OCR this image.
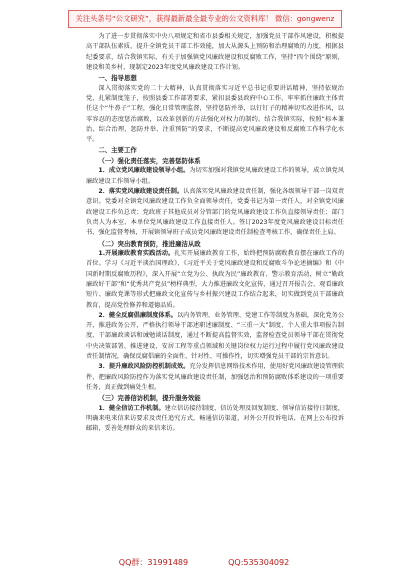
关注头条号“公文研究”，获得最新最全最专业的公文资料库！ 微信：gongwenz

为了进一步贯彻落实中央八项规定和省市县委相关规定，加强党员干部作风建设，积极提高干部队伍素质，提升全镇党员干部工作效能，加大从源头上预防和治理腐败的力度，根据县纪委要求，结合我镇实际，有关于加强镇党风廉政建设和反腐败工作，坚持“四个围绕”原则，建设和美乡村，现制定2023年度党风廉政建设工作计划。

一、指导思想

深入贯彻落实党的二十大精神，认真贯彻落实习近平总书记重要讲话精神，坚持依规治党，扎紧制度笼子，按照县委工作部署要求，紧扣县委县政府中心工作，牢牢抓住廉政主体责任这个“牛鼻子”工程，强化日常管理监督，坚持惩防并举，以钉钉子的精神切实改进作风，以零容忍的态度惩治腐败，以改革创新的方法强化对权力的制约。结合我镇实际，按照“标本兼治、综合治理、惩防并举、注重预防”的要求，不断提高党风廉政建设和反腐败工作科学化水平。

二、主要工作
（一）强化责任落实，完善惩防体系

1．成立党风廉政建设领导小组。为切实加强对我镇党风廉政建设工作的领导，成立镇党风廉政建设工作领导小组。

2．落实党风廉政建设责任制。认真落实党风廉政建设责任制，强化各级领导干部一岗双责意识。党委对全镇党风廉政建设工作负全面领导责任，党委书记为第一责任人，对全镇党风廉政建设工作负总责；党政班子其他成员对分管部门的党风廉政建设工作负直接领导责任；部门负责人为本室、本单位党风廉政建设工作直接责任人。签订2023年度党风廉政建设目标责任书，强化监督考核，开展镇领导班子成员党风廉政建设责任制检查考核工作，确保责任上肩。

（二）突出教育预防，推进廉洁从政

1.开展廉政教育实践活动。扎实开展廉政教育工作，始终把预防腐败教育摆在廉政工作的首位。学习《习近平谈治国理政》、《习近平关于党风廉政建设和反腐败斗争论述摘编》和《中国新时期反腐败历程》，深入开展“立党为公、执政为民”廉政教育、警示教育活动，树立“勤政廉政好干部”和“优秀共产党员”榜样典型，大力推进廉政文化宣传，通过召开报告会、观看廉政短片、廉政党课等形式把廉政文化宣传与乡村振兴建设工作结合起来，切实做到党员干部廉政教育，提高党性修养和道德品质。

2．健全反腐倡廉制度体系。以内务管理、业务管理、党建工作等制度为基础，深化党务公开，推进政务公开，严格执行领导干部述职述廉制度、“三重一大”制度、个人重大事项报告制度、干部廉政谈话和诫勉谈话制度，通过不断提高监督实效，监督检查党员领导干部在贯彻党中央决策部署、推进建设、安居工程等重点领域和关键岗位权力运行过程中履行党风廉政建设责任制情况，确保反腐倡廉的全面性、针对性、可操作性，切实增强党员干部的宗旨意识。

3．提升廉政风险防控机制成效。充分发挥信息网络技术作用，使用好党风廉政建设管理软件，把廉政风险防控作为落实党风廉政建设责任制，加强惩治和预防腐败体系建设的一项重要任务，真正做到痛处生根。

（三）完善信访机制，提升服务效能

1．健全信访工作机制。建立信访接待制度、信访处理及回复制度、领导信访接待日制度，明确来电来信来访要求及责任追究方式，畅通信访渠道，对外公开投诉电话，在网上公布投诉邮箱，妥善处理群众的来信来访。

QQ群：31991489	QQ:535304092
